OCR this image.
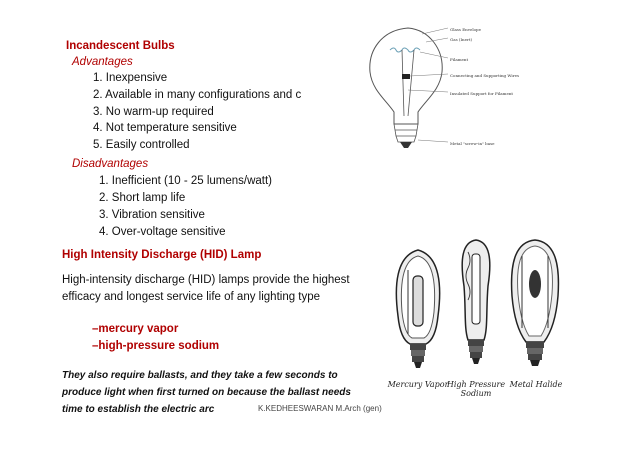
Incandescent Bulbs
Advantages
1. Inexpensive
2. Available in many configurations and c
3. No warm-up required
4. Not temperature sensitive
5. Easily controlled
Disadvantages
1. Inefficient (10 - 25 lumens/watt)
2. Short lamp life
3. Vibration sensitive
4. Over-voltage sensitive
High Intensity Discharge (HID) Lamp
High-intensity discharge (HID) lamps provide the highest efficacy and longest service life of any lighting type
–mercury vapor
–high-pressure sodium
They also require ballasts, and they take a few seconds to produce light when first turned on because the ballast needs time to establish the electric arc	K.KEDHEESWARAN M.Arch (gen)
Glass Envelope
Gas (Inert)
Filament
Connecting and Supporting Wires
Insulated Support for Filament
Metal "screw-in" base
Mercury Vapor
High Pressure Sodium
Metal Halide
